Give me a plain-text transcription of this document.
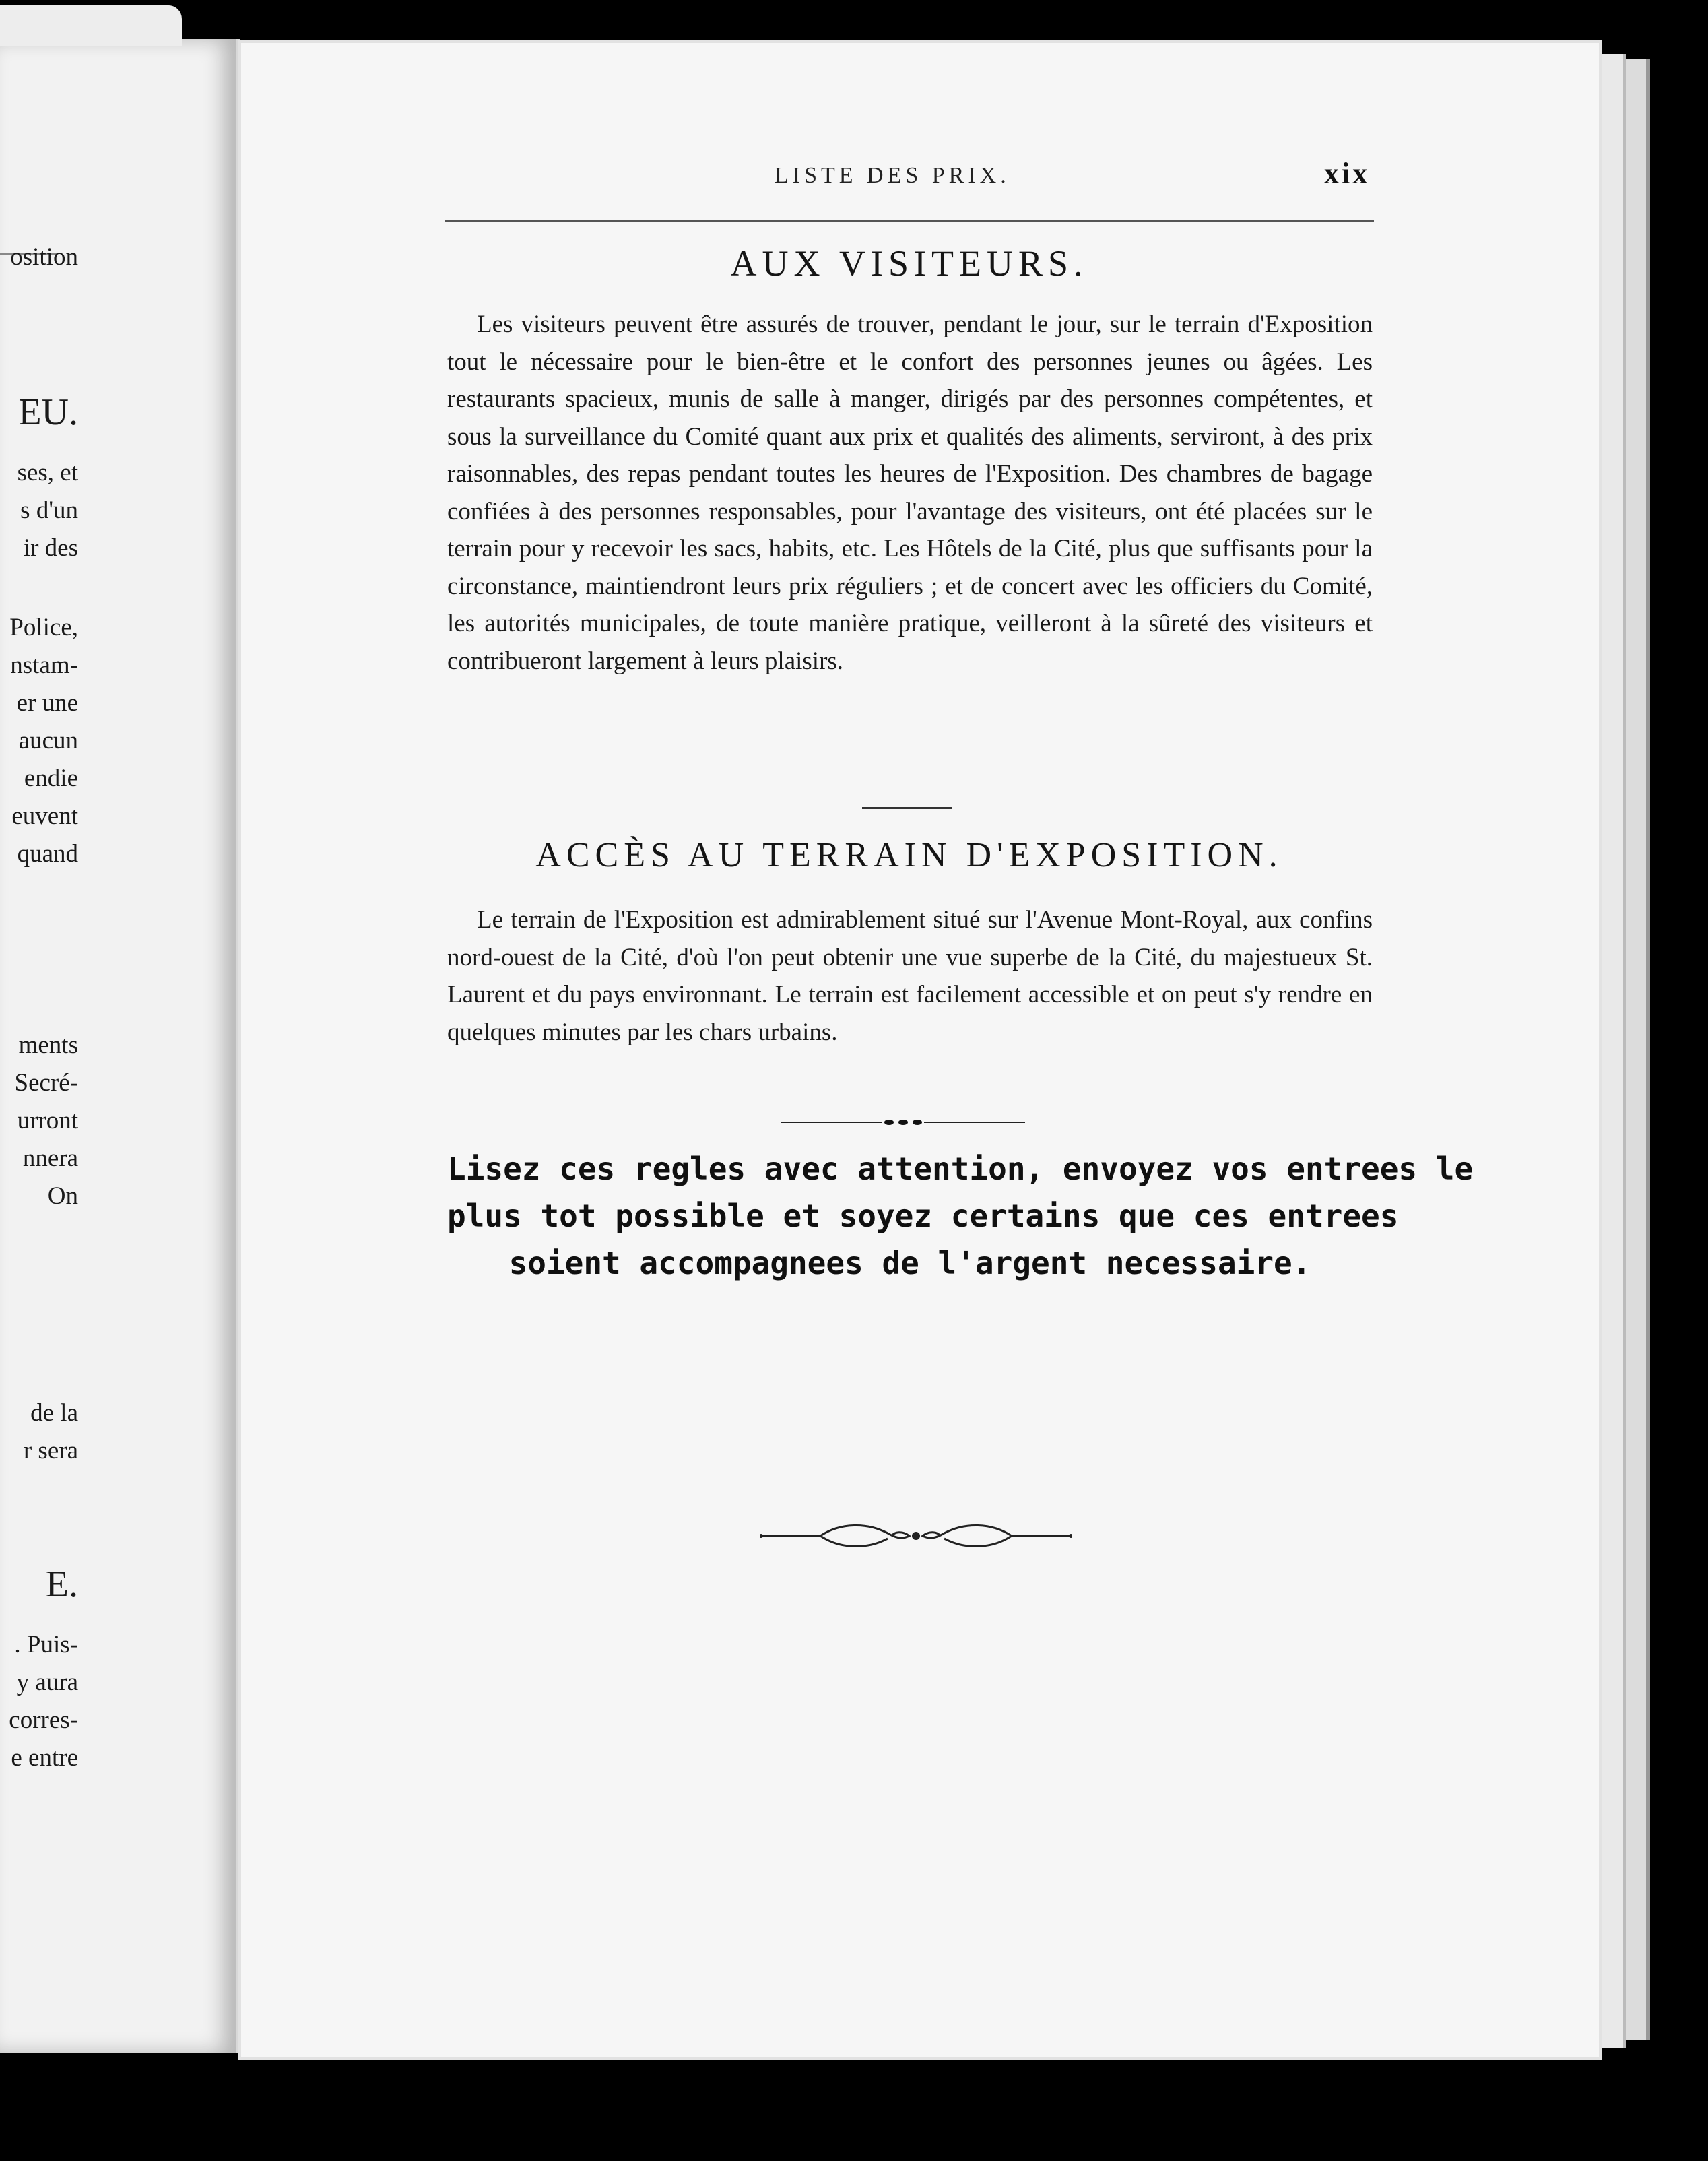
osition
EU.
ses, et
s d'un
ir des
Police,
nstam-
er une
aucun
endie
euvent
quand
ments
Secré-
urront
nnera
On
de la
r sera
E.
. Puis-
y aura
corres-
e entre
LISTE DES PRIX.	xix
AUX VISITEURS.

Les visiteurs peuvent être assurés de trouver, pendant le jour, sur le terrain d'Exposition tout le nécessaire pour le bien-être et le confort des personnes jeunes ou âgées. Les restaurants spacieux, munis de salle à manger, dirigés par des personnes compétentes, et sous la surveillance du Comité quant aux prix et qualités des aliments, serviront, à des prix raisonnables, des repas pendant toutes les heures de l'Exposition. Des chambres de bagage confiées à des personnes responsables, pour l'avantage des visiteurs, ont été placées sur le terrain pour y recevoir les sacs, habits, etc. Les Hôtels de la Cité, plus que suffisants pour la circonstance, maintiendront leurs prix réguliers ; et de concert avec les officiers du Comité, les autorités municipales, de toute manière pratique, veilleront à la sûreté des visiteurs et contribueront largement à leurs plaisirs.

ACCÈS AU TERRAIN D'EXPOSITION.

Le terrain de l'Exposition est admirablement situé sur l'Avenue Mont-Royal, aux confins nord-ouest de la Cité, d'où l'on peut obtenir une vue superbe de la Cité, du majestueux St. Laurent et du pays environnant. Le terrain est facilement accessible et on peut s'y rendre en quelques minutes par les chars urbains.

Lisez ces regles avec attention, envoyez vos entrees le
plus tot possible et soyez certains que ces entrees
soient accompagnees de l'argent necessaire.
